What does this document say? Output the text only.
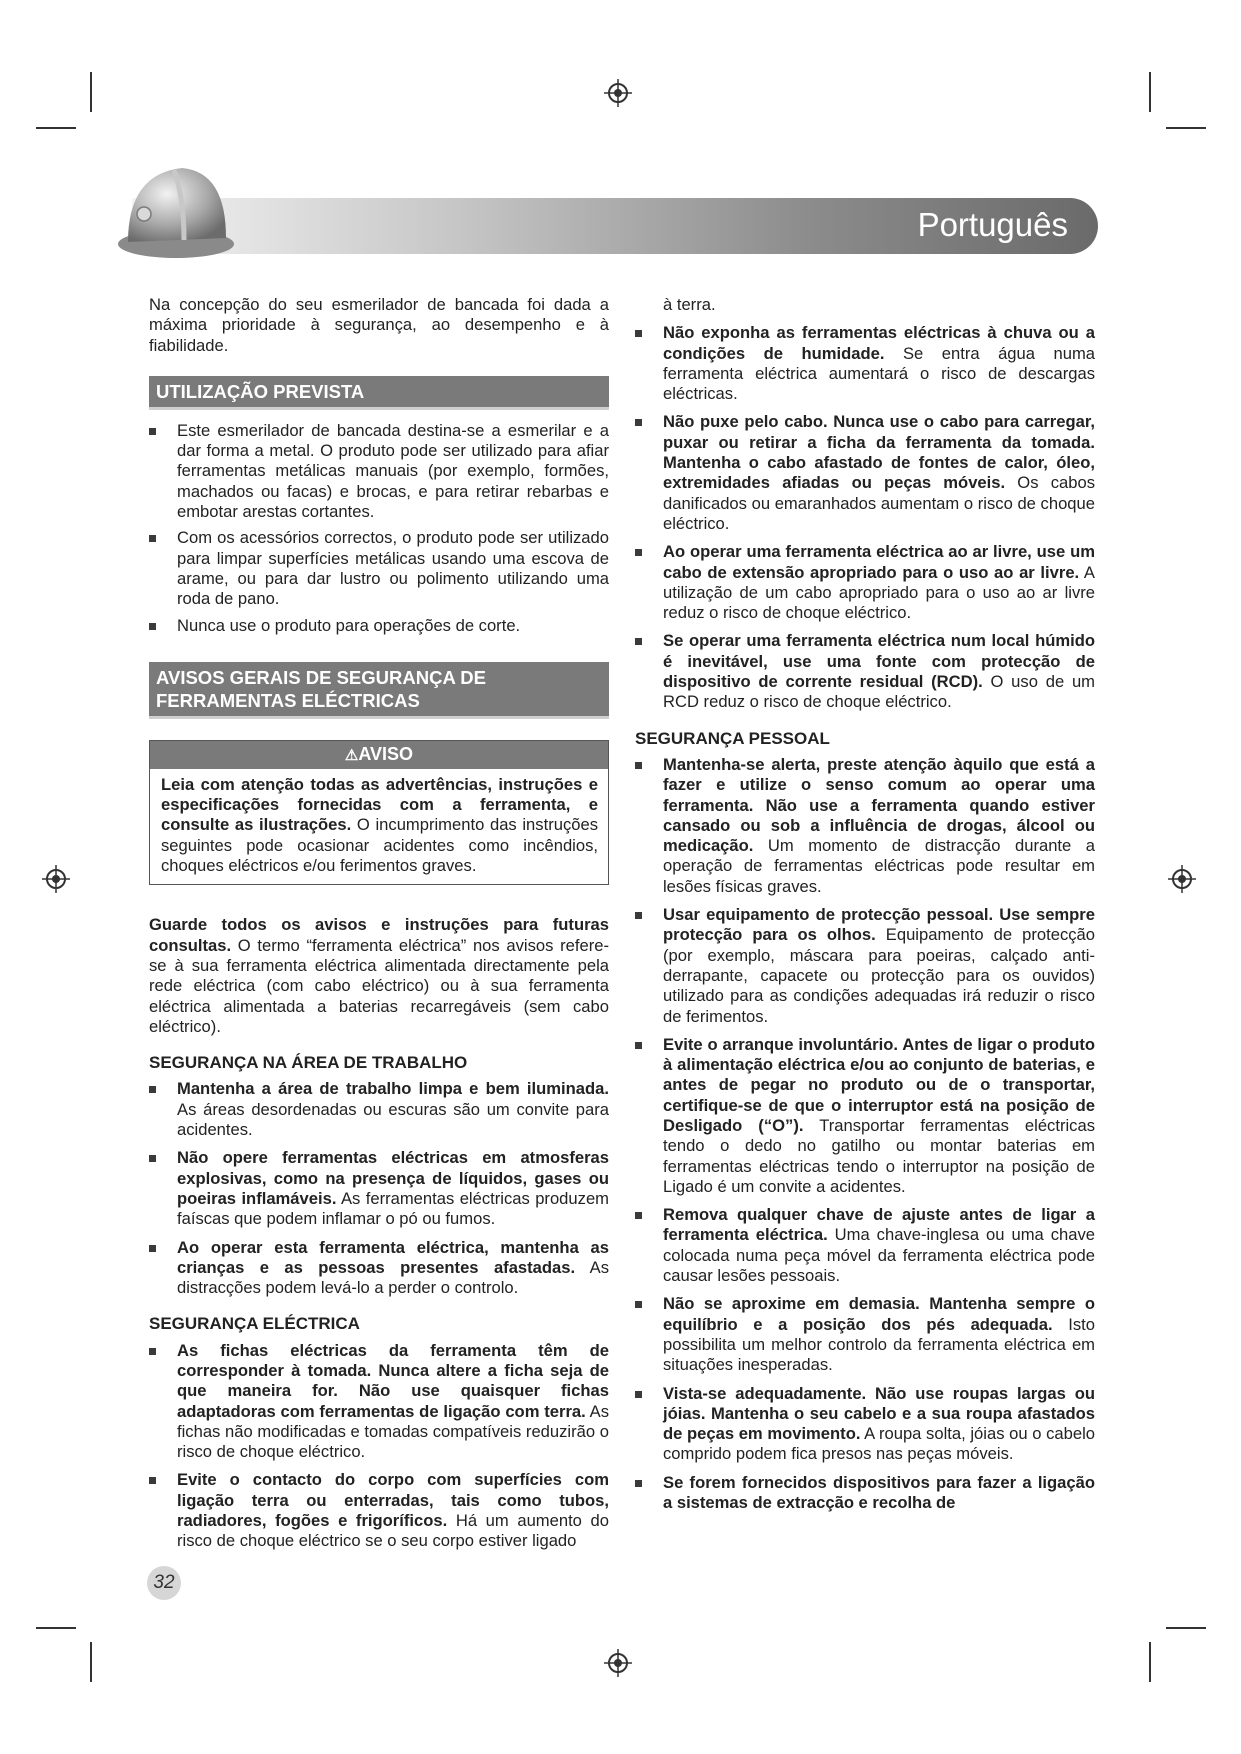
Português

Na concepção do seu esmerilador de bancada foi dada a máxima prioridade à segurança, ao desempenho e à fiabilidade.

UTILIZAÇÃO PREVISTA
Este esmerilador de bancada destina-se a esmerilar e a dar forma a metal. O produto pode ser utilizado para afiar ferramentas metálicas manuais (por exemplo, formões, machados ou facas) e brocas, e para retirar rebarbas e embotar arestas cortantes.
Com os acessórios correctos, o produto pode ser utilizado para limpar superfícies metálicas usando uma escova de arame, ou para dar lustro ou polimento utilizando uma roda de pano.
Nunca use o produto para operações de corte.
AVISOS GERAIS DE SEGURANÇA DE
FERRAMENTAS ELÉCTRICAS
⚠AVISO

Leia com atenção todas as advertências, instruções e especificações fornecidas com a ferramenta, e consulte as ilustrações. O incumprimento das instruções seguintes pode ocasionar acidentes como incêndios, choques eléctricos e/ou ferimentos graves.

Guarde todos os avisos e instruções para futuras consultas. O termo “ferramenta eléctrica” nos avisos refere-se à sua ferramenta eléctrica alimentada directamente pela rede eléctrica (com cabo eléctrico) ou à sua ferramenta eléctrica alimentada a baterias recarregáveis (sem cabo eléctrico).

SEGURANÇA NA ÁREA DE TRABALHO

Mantenha a área de trabalho limpa e bem iluminada. As áreas desordenadas ou escuras são um convite para acidentes.
Não opere ferramentas eléctricas em atmosferas explosivas, como na presença de líquidos, gases ou poeiras inflamáveis. As ferramentas eléctricas produzem faíscas que podem inflamar o pó ou fumos.
Ao operar esta ferramenta eléctrica, mantenha as crianças e as pessoas presentes afastadas. As distracções podem levá-lo a perder o controlo.

SEGURANÇA ELÉCTRICA

As fichas eléctricas da ferramenta têm de corresponder à tomada. Nunca altere a ficha seja de que maneira for. Não use quaisquer fichas adaptadoras com ferramentas de ligação com terra. As fichas não modificadas e tomadas compatíveis reduzirão o risco de choque eléctrico.
Evite o contacto do corpo com superfícies com ligação terra ou enterradas, tais como tubos, radiadores, fogões e frigoríficos. Há um aumento do risco de choque eléctrico se o seu corpo estiver ligado

à terra.

Não exponha as ferramentas eléctricas à chuva ou a condições de humidade. Se entra água numa ferramenta eléctrica aumentará o risco de descargas eléctricas.
Não puxe pelo cabo. Nunca use o cabo para carregar, puxar ou retirar a ficha da ferramenta da tomada. Mantenha o cabo afastado de fontes de calor, óleo, extremidades afiadas ou peças móveis. Os cabos danificados ou emaranhados aumentam o risco de choque eléctrico.
Ao operar uma ferramenta eléctrica ao ar livre, use um cabo de extensão apropriado para o uso ao ar livre. A utilização de um cabo apropriado para o uso ao ar livre reduz o risco de choque eléctrico.
Se operar uma ferramenta eléctrica num local húmido é inevitável, use uma fonte com protecção de dispositivo de corrente residual (RCD). O uso de um RCD reduz o risco de choque eléctrico.

SEGURANÇA PESSOAL

Mantenha-se alerta, preste atenção àquilo que está a fazer e utilize o senso comum ao operar uma ferramenta. Não use a ferramenta quando estiver cansado ou sob a influência de drogas, álcool ou medicação. Um momento de distracção durante a operação de ferramentas eléctricas pode resultar em lesões físicas graves.
Usar equipamento de protecção pessoal. Use sempre protecção para os olhos. Equipamento de protecção (por exemplo, máscara para poeiras, calçado anti-derrapante, capacete ou protecção para os ouvidos) utilizado para as condições adequadas irá reduzir o risco de ferimentos.
Evite o arranque involuntário. Antes de ligar o produto à alimentação eléctrica e/ou ao conjunto de baterias, e antes de pegar no produto ou de o transportar, certifique-se de que o interruptor está na posição de Desligado (“O”). Transportar ferramentas eléctricas tendo o dedo no gatilho ou montar baterias em ferramentas eléctricas tendo o interruptor na posição de Ligado é um convite a acidentes.
Remova qualquer chave de ajuste antes de ligar a ferramenta eléctrica. Uma chave-inglesa ou uma chave colocada numa peça móvel da ferramenta eléctrica pode causar lesões pessoais.
Não se aproxime em demasia. Mantenha sempre o equilíbrio e a posição dos pés adequada. Isto possibilita um melhor controlo da ferramenta eléctrica em situações inesperadas.
Vista-se adequadamente. Não use roupas largas ou jóias. Mantenha o seu cabelo e a sua roupa afastados de peças em movimento. A roupa solta, jóias ou o cabelo comprido podem fica presos nas peças móveis.
Se forem fornecidos dispositivos para fazer a ligação a sistemas de extracção e recolha de
32
